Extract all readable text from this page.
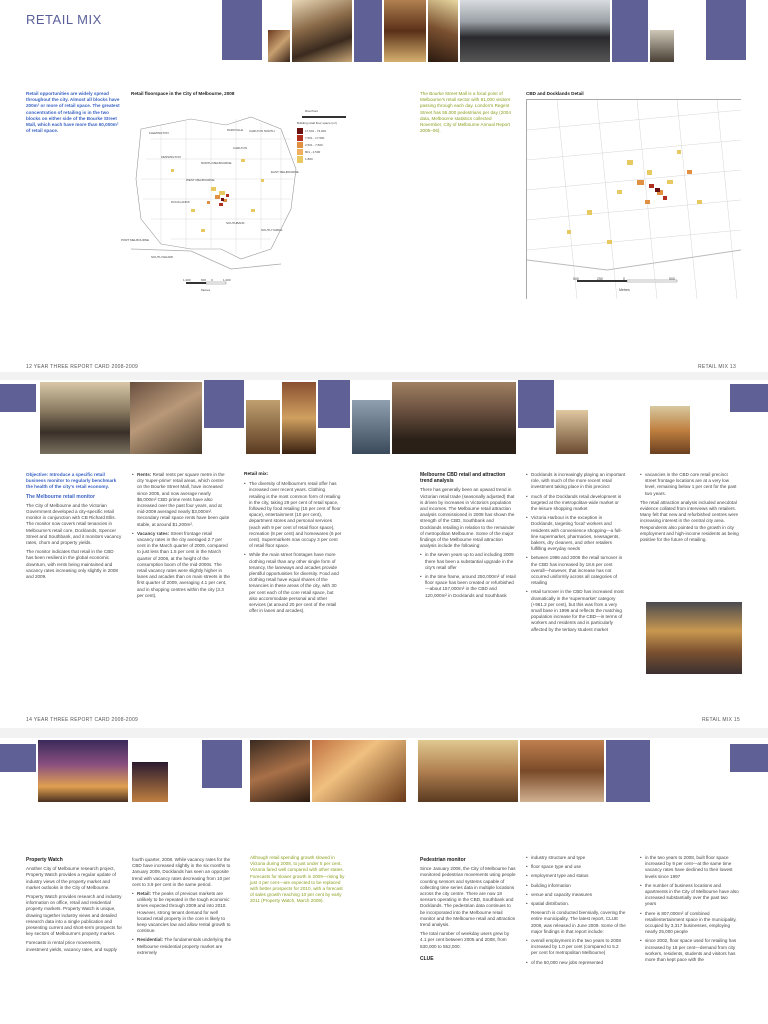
RETAIL MIX
Retail opportunities are widely spread throughout the city. Almost all blocks have 200m² or more of retail space. The greatest concentration of retailing is in the two blocks on either side of the Bourke Street Mall, which each have more than 60,000m² of retail space.
Retail floorspace in the City of Melbourne, 2008
FLEMINGTON
PARKVILLE CARLTON NORTH
KENSINGTON
CARLTON
EAST MELBOURNE
NORTH MELBOURNE
WEST MELBOURNE
DOCKLANDS
SOUTHBANK
SOUTH YARRA
PORT MELBOURNE
SOUTH WHARF
1,200	600 0	1,200
Metres
Riverfront
Suburb
Building retail floor space (m²)
17,501 - 73,000
7,501 - 17,500
2,501 - 7,500
801 - 2,500
1-800
The Bourke Street Mall is a focal point of Melbourne's retail sector with 81,000 visitors passing through each day. London's Regent Street has 55,000 pedestrians per day (2004 data, Melbourne statistics collected November, City of Melbourne Annual Report 2005–06).
CBD and Docklands Detail
500	250	0	500
Metres
12 YEAR THREE REPORT CARD 2008-2009	RETAIL MIX 13
Objective: Introduce a specific retail business monitor to regularly benchmark the health of the city's retail economy.
The Melbourne retail monitor
The City of Melbourne and the Victorian Government developed a city-specific retail monitor in conjunction with CB Richard Ellis. The monitor now covers retail tenancies in Melbourne's retail core, Docklands, Spencer Street and Southbank, and it monitors vacancy rates, churn and property yields.
The monitor indicates that retail in the CBD has been resilient in the global economic downturn, with rents being maintained and vacancy rates increasing only slightly in 2008 and 2009.
• Rents: Retail rents per square metre in the city 'super-prime' retail areas, which centre on the Bourke Street Mall, have increased since 2005, and now average nearly $6,000m² CBD prime rents have also increased over the past four years, and at mid-2009 averaged nearly $3,000m². Secondary retail space rents have been quite stable, at around $1,200m².
• Vacancy rates: Street frontage retail vacancy rates in the city averaged 2.7 per cent in the March quarter of 2009, compared to just less than 1.5 per cent in the March quarter of 2006, at the height of the consumption boom of the mid-2000s. The retail vacancy rates were slightly higher in lanes and arcades than on main streets in the first quarter of 2009, averaging 4.1 per cent, and in shopping centres within the city (3.3 per cent).
Retail mix:
• The diversity of Melbourne's retail offer has increased over recent years. Clothing retailing is the most common form of retailing in the city, taking 29 per cent of retail space, followed by food retailing (15 per cent of floor space), entertainment (10 per cent), department stores and personal services (each with 9 per cent of retail floor space), recreation (8 per cent) and homewares (6 per cent). Supermarkets now occupy 3 per cent of retail floor space.
• While the main street frontages have more clothing retail than any other single form of tenancy, the laneways and arcades provide plentiful opportunities for diversity. Food and clothing retail have equal shares of the tenancies in these areas of the city, with 30 per cent each of the core retail space, but also accommodate personal and other services (at around 20 per cent of the retail offer in lanes and arcades).
Melbourne CBD retail and attraction trend analysis
There has generally been an upward trend in Victorian retail trade (seasonally adjusted) that is driven by increases in Victoria's population and incomes. The Melbourne retail attraction analysis commissioned in 2008 has shown the strength of the CBD, Southbank and Docklands retailing in relation to the remainder of metropolitan Melbourne. Some of the major findings of the Melbourne retail attraction analysis include the following:
• in the seven years up to and including 2009 there has been a substantial upgrade in the city's retail offer
• in the time frame, around 250,000m² of retail floor space has been created or refurbished—about 157,000m² in the CBD and 120,000m² in Docklands and Southbank
• Docklands is increasingly playing an important role, with much of the more recent retail investment taking place in this precinct
• much of the Docklands retail development is targeted at the metropolitan-wide market or the leisure shopping market
• Victoria Harbour is the exception in Docklands, targeting 'local' workers and residents with convenience shopping—a full-line supermarket, pharmacies, newsagents, bakers, dry cleaners, and other retailers fulfilling everyday needs
• between 1996 and 2006 the retail turnover in the CBD has increased by 18.6 per cent overall—however, that increase has not occurred uniformly across all categories of retailing
• retail turnover in the CBD has increased most dramatically in the 'supermarket' category (+961.2 per cent), but this was from a very small base in 1996 and reflects the matching population increase for the CBD—in terms of workers and residents and is particularly affected by the tertiary student market
• vacancies in the CBD core retail precinct street frontage locations are at a very low level, remaining below 1 per cent for the past two years.
The retail attraction analysis included anecdotal evidence collated from interviews with retailers. Many felt that new and refurbished centres were increasing interest in the central city area. Respondents also pointed to the growth in city employment and high-income residents as being positive for the future of retailing.
14 YEAR THREE REPORT CARD 2008-2009	RETAIL MIX 15
Property Watch
Another City of Melbourne research project, Property Watch provides a regular update of industry views of the property market and market outlooks in the City of Melbourne.
Property Watch provides research and industry information on office, retail and residential property markets. Property Watch is unique, drawing together industry views and detailed research data into a single publication and presenting current and short-term prospects for key sectors of Melbourne's property market.
Forecasts in rental price movements, investment yields, vacancy rates, and supply
fourth quarter, 2008. While vacancy rates for the CBD have increased slightly in the six months to January 2009, Docklands has seen an opposite trend with vacancy rates decreasing from 10 per cent to 3.9 per cent in the same period.
• Retail: The peaks of previous markets are unlikely to be repeated in the tough economic times expected through 2009 and into 2010. However, strong tenant demand for well located retail property in the core is likely to keep vacancies low and allow rental growth to continue.
• Residential: The fundamentals underlying the Melbourne residential property market are extremely
Although retail spending growth slowed in Victoria during 2008, to just under 5 per cent, Victoria fared well compared with other states. Forecasts for slower growth in 2009—rising by just 4 per cent—are expected to be replaced with better prospects for 2010, with a forecast of sales growth reaching 10 per cent by early 2011 (Property Watch, March 2009).
Pedestrian monitor
Since January 2006, the City of Melbourne has monitored pedestrian movements using people counting sensors and systems capable of collecting time series data in multiple locations across the city centre. There are now 18 sensors operating in the CBD, Southbank and Docklands. The pedestrian data continues to be incorporated into the Melbourne retail monitor and the Melbourne retail and attraction trend analysis.
The total number of weekday users grew by 4.1 per cent between 2005 and 2008, from 530,000 to 552,000.
CLUE
• industry structure and type
• floor space type and use
• employment type and status
• building information
• venue and capacity measures
• spatial distribution.
Research is conducted biennially, covering the entire municipality. The latest report, CLUE 2008, was released in June 2009. Some of the major findings in that report include:
• overall employment in the two years to 2008 increased by 1.0 per cent (compared to 5.2 per cent for metropolitan Melbourne)
• of the 50,000 new jobs represented
• in the two years to 2008, built floor space increased by 9 per cent—at the same time vacancy rates have declined to their lowest levels since 1997
• the number of business locations and apartments in the City of Melbourne have also increased substantially over the past two years
• there is 807,000m² of combined retail/entertainment space in the municipality, occupied by 3,317 businesses, employing nearly 25,000 people
• since 2002, floor space used for retailing has increased by 18 per cent—demand from city workers, residents, students and visitors has more than kept pace with the
